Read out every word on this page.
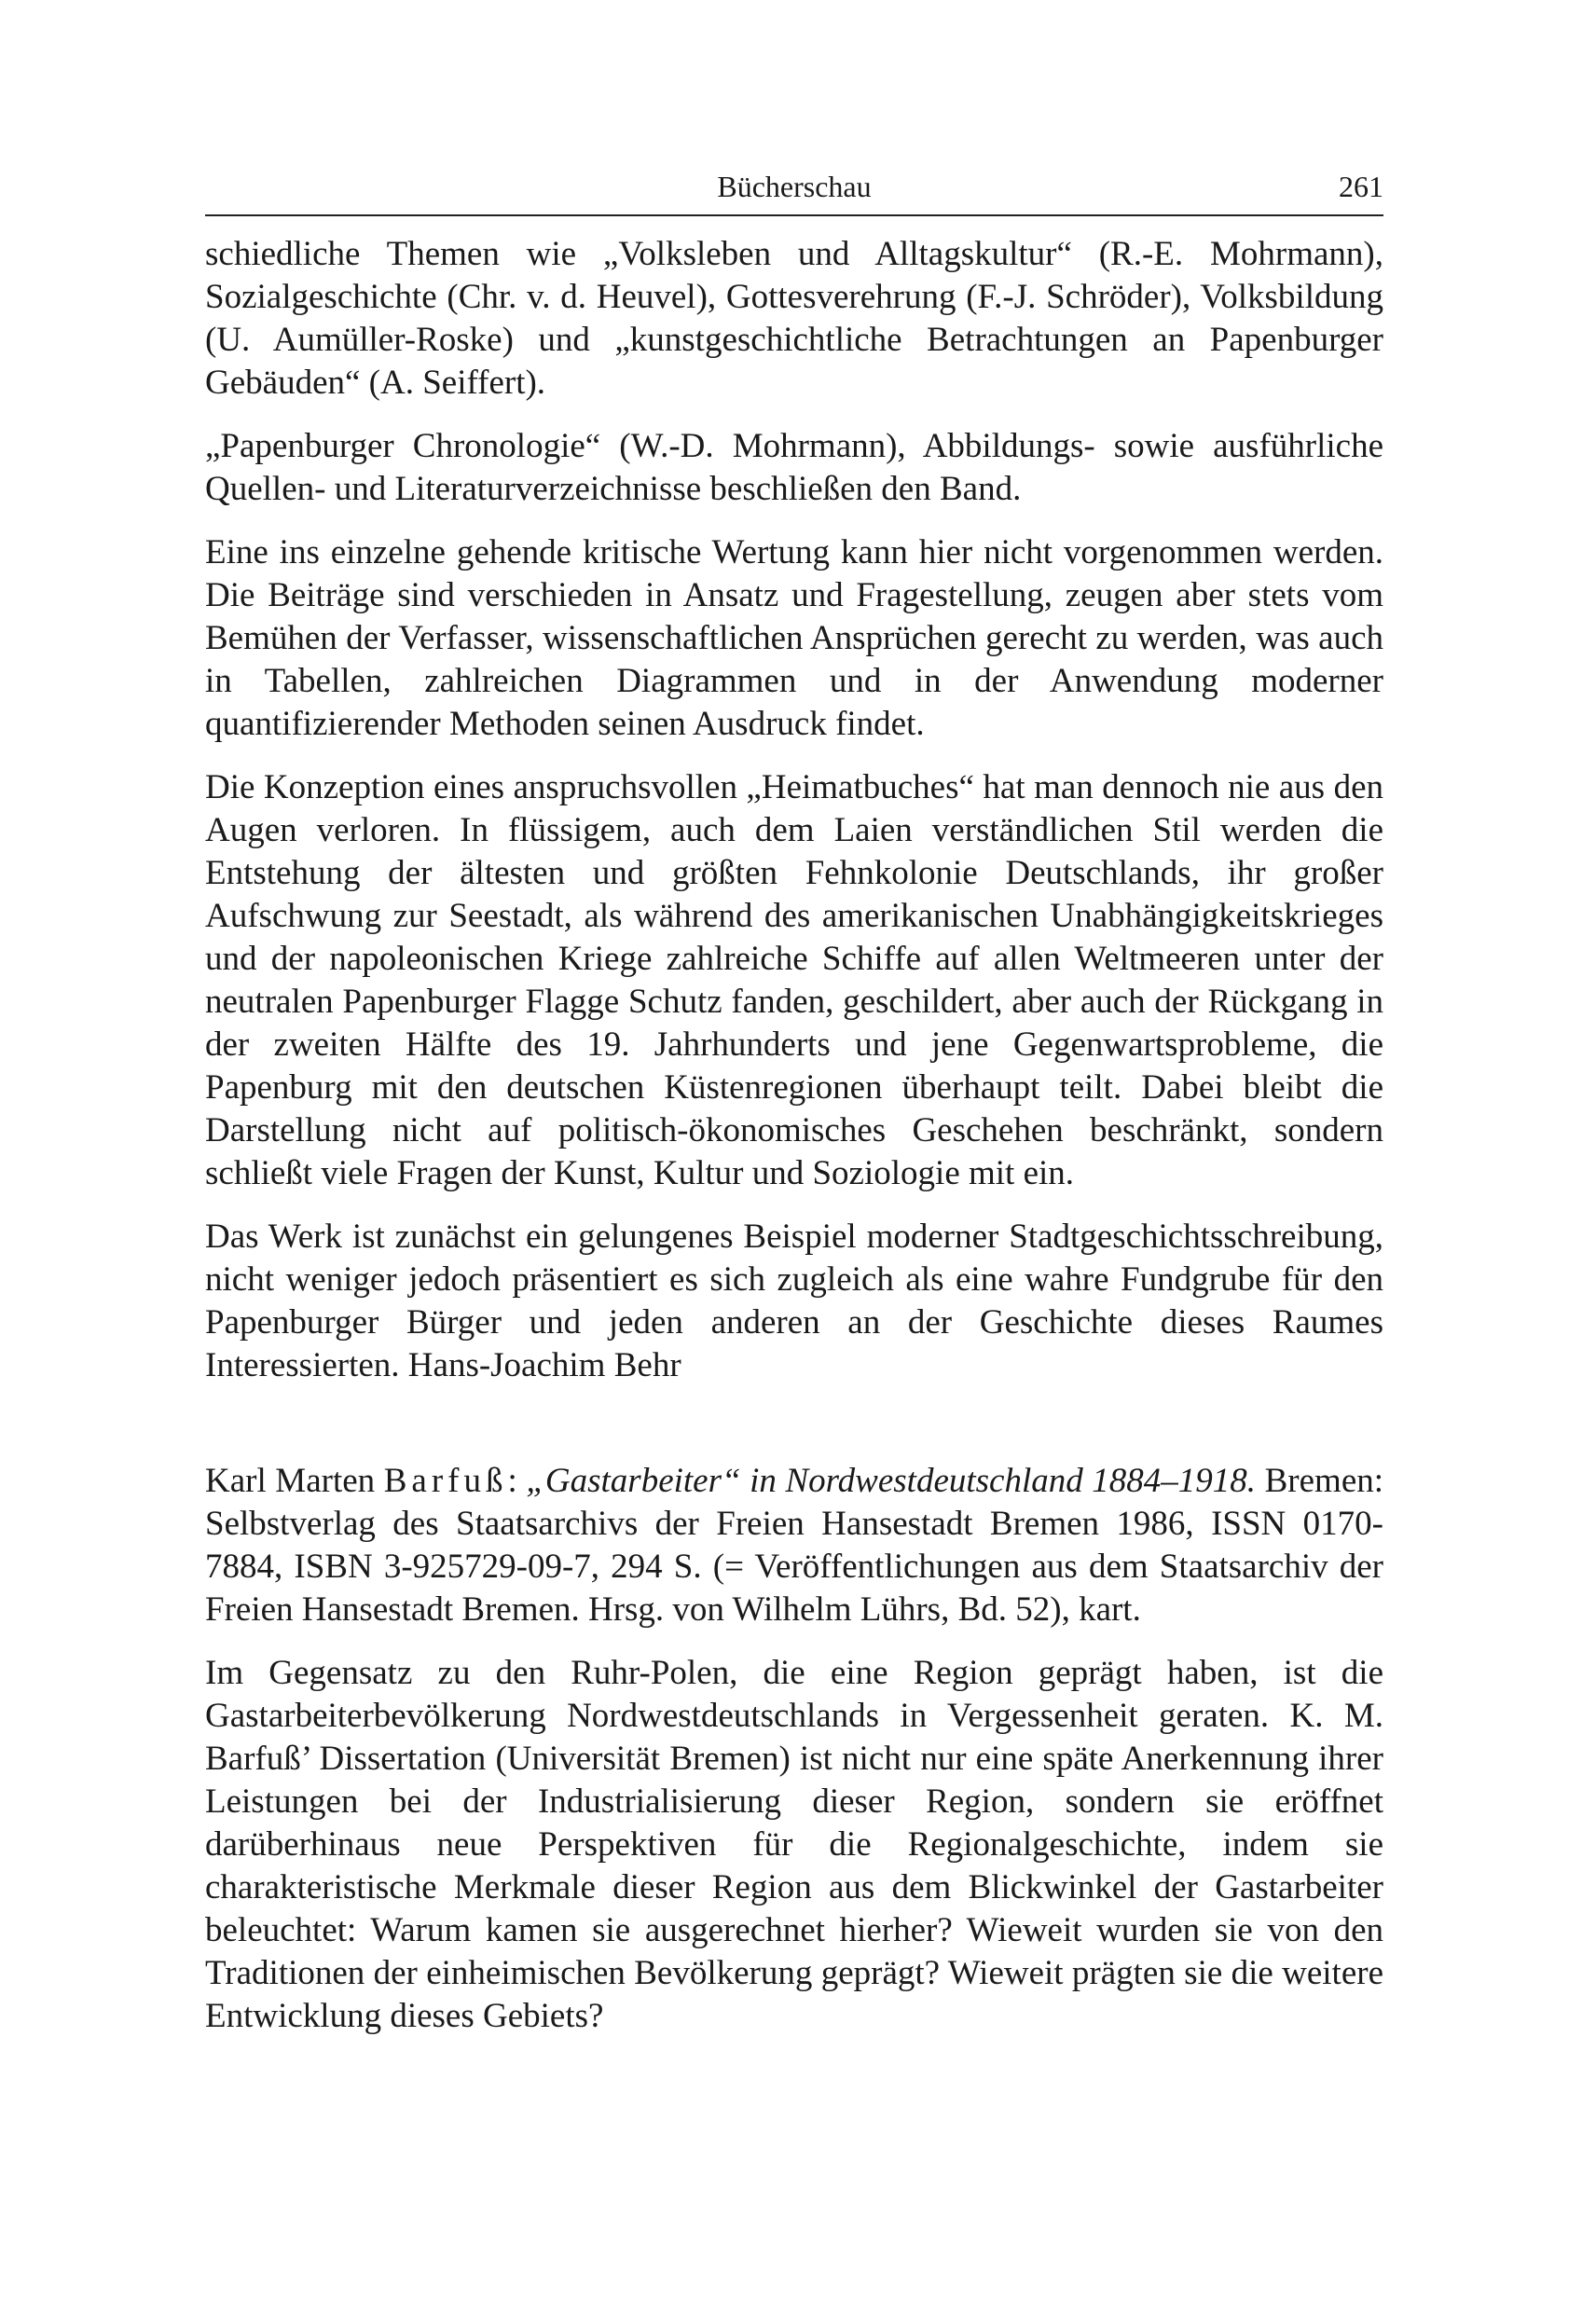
Bücherschau	261

schiedliche Themen wie „Volksleben und Alltagskultur“ (R.-E. Mohrmann), Sozialgeschichte (Chr. v. d. Heuvel), Gottesverehrung (F.-J. Schröder), Volksbildung (U. Aumüller-Roske) und „kunstgeschichtliche Betrachtungen an Papenburger Gebäuden“ (A. Seiffert).

„Papenburger Chronologie“ (W.-D. Mohrmann), Abbildungs- sowie ausführliche Quellen- und Literaturverzeichnisse beschließen den Band.

Eine ins einzelne gehende kritische Wertung kann hier nicht vorgenommen werden. Die Beiträge sind verschieden in Ansatz und Fragestellung, zeugen aber stets vom Bemühen der Verfasser, wissenschaftlichen Ansprüchen gerecht zu werden, was auch in Tabellen, zahlreichen Diagrammen und in der Anwendung moderner quantifizierender Methoden seinen Ausdruck findet.

Die Konzeption eines anspruchsvollen „Heimatbuches“ hat man dennoch nie aus den Augen verloren. In flüssigem, auch dem Laien verständlichen Stil werden die Entstehung der ältesten und größten Fehnkolonie Deutschlands, ihr großer Aufschwung zur Seestadt, als während des amerikanischen Unabhängigkeitskrieges und der napoleonischen Kriege zahlreiche Schiffe auf allen Weltmeeren unter der neutralen Papenburger Flagge Schutz fanden, geschildert, aber auch der Rückgang in der zweiten Hälfte des 19. Jahrhunderts und jene Gegenwartsprobleme, die Papenburg mit den deutschen Küstenregionen überhaupt teilt. Dabei bleibt die Darstellung nicht auf politisch-ökonomisches Geschehen beschränkt, sondern schließt viele Fragen der Kunst, Kultur und Soziologie mit ein.

Das Werk ist zunächst ein gelungenes Beispiel moderner Stadtgeschichtsschreibung, nicht weniger jedoch präsentiert es sich zugleich als eine wahre Fundgrube für den Papenburger Bürger und jeden anderen an der Geschichte dieses Raumes Interessierten. Hans-Joachim Behr

Karl Marten Barfuß: „Gastarbeiter“ in Nordwestdeutschland 1884–1918. Bremen: Selbstverlag des Staatsarchivs der Freien Hansestadt Bremen 1986, ISSN 0170-7884, ISBN 3-925729-09-7, 294 S. (= Veröffentlichungen aus dem Staatsarchiv der Freien Hansestadt Bremen. Hrsg. von Wilhelm Lührs, Bd. 52), kart.

Im Gegensatz zu den Ruhr-Polen, die eine Region geprägt haben, ist die Gastarbeiterbevölkerung Nordwestdeutschlands in Vergessenheit geraten. K. M. Barfuß’ Dissertation (Universität Bremen) ist nicht nur eine späte Anerkennung ihrer Leistungen bei der Industrialisierung dieser Region, sondern sie eröffnet darüberhinaus neue Perspektiven für die Regionalgeschichte, indem sie charakteristische Merkmale dieser Region aus dem Blickwinkel der Gastarbeiter beleuchtet: Warum kamen sie ausgerechnet hierher? Wieweit wurden sie von den Traditionen der einheimischen Bevölkerung geprägt? Wieweit prägten sie die weitere Entwicklung dieses Gebiets?
